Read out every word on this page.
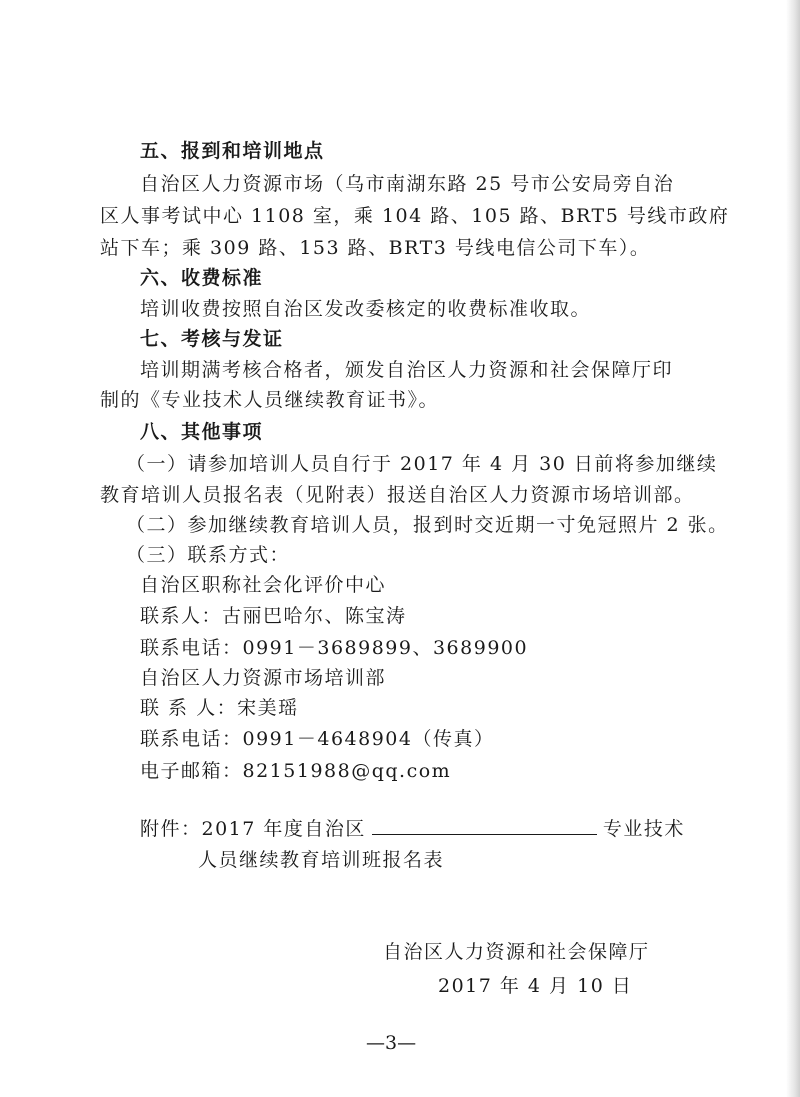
五、报到和培训地点
自治区人力资源市场（乌市南湖东路 25 号市公安局旁自治
区人事考试中心 1108 室，乘 104 路、105 路、BRT5 号线市政府
站下车；乘 309 路、153 路、BRT3 号线电信公司下车）。
六、收费标准
培训收费按照自治区发改委核定的收费标准收取。
七、考核与发证
培训期满考核合格者，颁发自治区人力资源和社会保障厅印
制的《专业技术人员继续教育证书》。
八、其他事项
（一）请参加培训人员自行于 2017 年 4 月 30 日前将参加继续
教育培训人员报名表（见附表）报送自治区人力资源市场培训部。
（二）参加继续教育培训人员，报到时交近期一寸免冠照片 2 张。
（三）联系方式：
自治区职称社会化评价中心
联系人：古丽巴哈尔、陈宝涛
联系电话：0991－3689899、3689900
自治区人力资源市场培训部
联 系 人：宋美瑶
联系电话：0991－4648904（传真）
电子邮箱：82151988@qq.com
附件：2017 年度自治区	专业技术
人员继续教育培训班报名表
自治区人力资源和社会保障厅
2017 年 4 月 10 日
—3—
